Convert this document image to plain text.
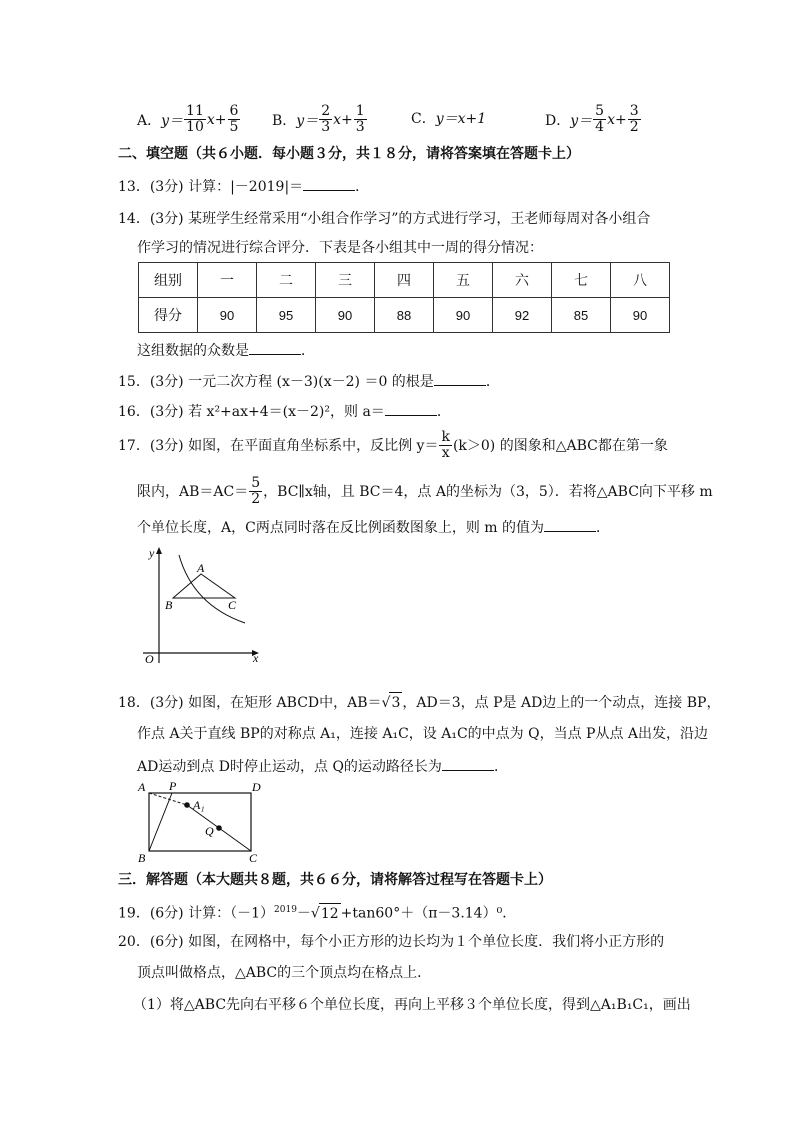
A． $y= \frac{11}{10} x+ \frac{6}{5}$ B． $y= \frac{2}{3} x+ \frac{1}{3}$	C． y＝x+1	D． $y= \frac{5}{4} x+ \frac{3}{2}$
二、填空题（共６小题．每小题３分，共１８分，请将答案填在答题卡上）
13．(3分) 计算：|－2019|＝	．
14．(3分) 某班学生经常采用“小组合作学习”的方式进行学习，王老师每周对各小组合
作学习的情况进行综合评分．下表是各小组其中一周的得分情况：
组别	一	二	三	四	五	六	七	八
得分	90	95	90	88	90	92	85	90
这组数据的众数是	．
15．(3分) 一元二次方程 (x－3)(x－2) ＝0 的根是	．
16．(3分) 若 x²+ax+4＝(x－2)²，则 a＝	．
17．(3分) 如图，在平面直角坐标系中，反比例 $y= \frac{k}{x} (k>0)$ 的图象和△ABC都在第一象
限内，$AB=AC= \frac{5}{2}$ ，BC∥x轴，且 BC＝4，点 A的坐标为（3，5）．若将△ABC向下平移 m
个单位长度，A，C两点同时落在反比例函数图象上，则 m 的值为	．
y
x
O
A
B	C
18．(3分) 如图，在矩形 ABCD中，AB＝√3 ，AD＝3，点 P是 AD边上的一个动点，连接 BP，
作点 A关于直线 BP的对称点 A₁，连接 A₁C，设 A₁C的中点为 Q，当点 P从点 A出发，沿边
AD运动到点 D时停止运动，点 Q的运动路径长为	．
A P	D
A₁
Q
B	C
三．解答题（本大题共８题，共６６分，请将解答过程写在答题卡上）
19．(6分) 计算：$(-1)^{2019}-√12 +\tan 60^\circ+(\pi-3.14)^0$．
20．(6分) 如图，在网格中，每个小正方形的边长均为１个单位长度．我们将小正方形的
顶点叫做格点，△ABC的三个顶点均在格点上．
（1）将△ABC先向右平移６个单位长度，再向上平移３个单位长度，得到△A₁B₁C₁，画出
